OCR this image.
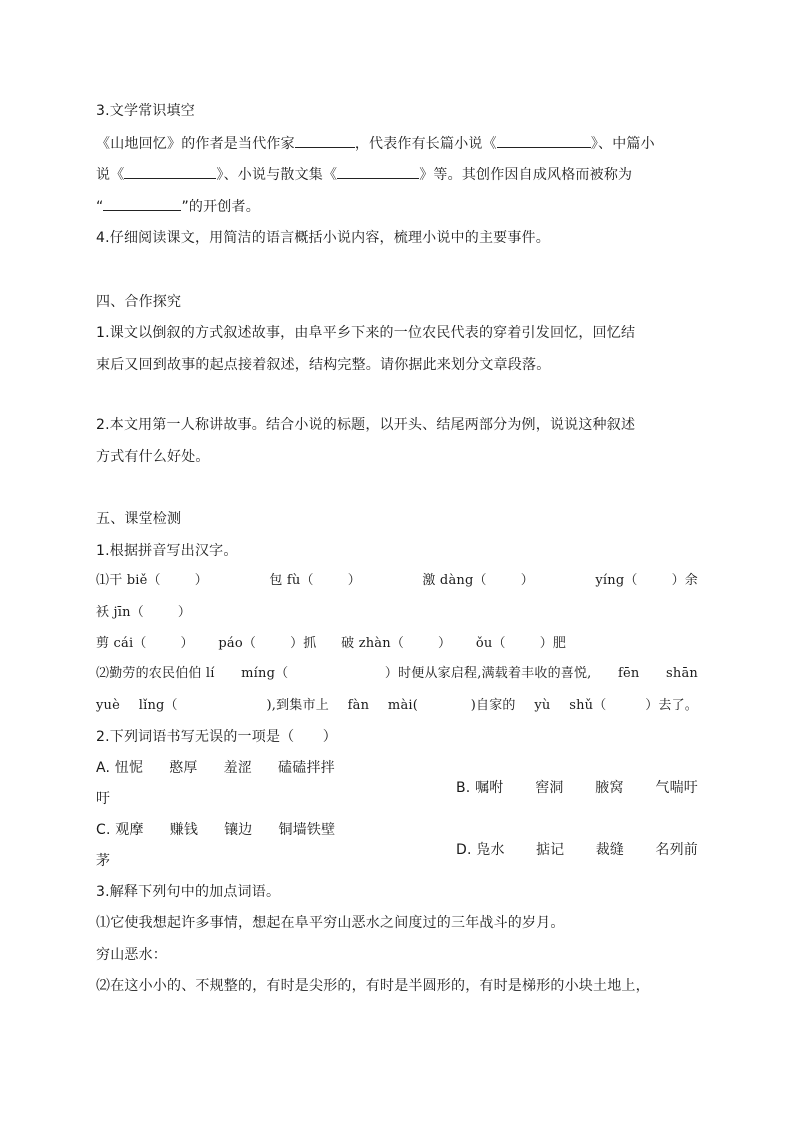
3.文学常识填空
《山地回忆》的作者是当代作家	，代表作有长篇小说《	》、中篇小
说《	》、小说与散文集《	》等。其创作因自成风格而被称为
“	”的开创者。
4.仔细阅读课文，用简洁的语言概括小说内容，梳理小说中的主要事件。
四、合作探究
1.课文以倒叙的方式叙述故事，由阜平乡下来的一位农民代表的穿着引发回忆，回忆结
束后又回到故事的起点接着叙述，结构完整。请你据此来划分文章段落。
2.本文用第一人称讲故事。结合小说的标题，以开头、结尾两部分为例，说说这种叙述
方式有什么好处。
五、课堂检测
1.根据拼音写出汉字。
⑴干 biě（	）	包 fù（	）	激 dàng（	）	yíng（	）余
袄 jīn（	）
剪 cái（	） páo（	）抓 破 zhàn（	） ǒu（	）肥
⑵勤劳的农民伯伯 lí míng（	）时便从家启程,满载着丰收的喜悦, fēn shān
yuè lǐng（	),到集市上 fàn mài(	)自家的 yù shǔ（	）去了。
2.下列词语书写无误的一项是（　　）
A. 忸怩 憨厚 羞涩 磕磕拌拌
B. 嘱咐 窖洞 腋窝 气喘吁
吁
C. 观摩 赚钱 镶边 铜墙铁壁
D. 凫水 掂记 裁缝 名列前
茅
3.解释下列句中的加点词语。
⑴它使我想起许多事情，想起在阜平穷山恶水之间度过的三年战斗的岁月。
穷山恶水：
⑵在这小小的、不规整的，有时是尖形的，有时是半圆形的，有时是梯形的小块土地上，
